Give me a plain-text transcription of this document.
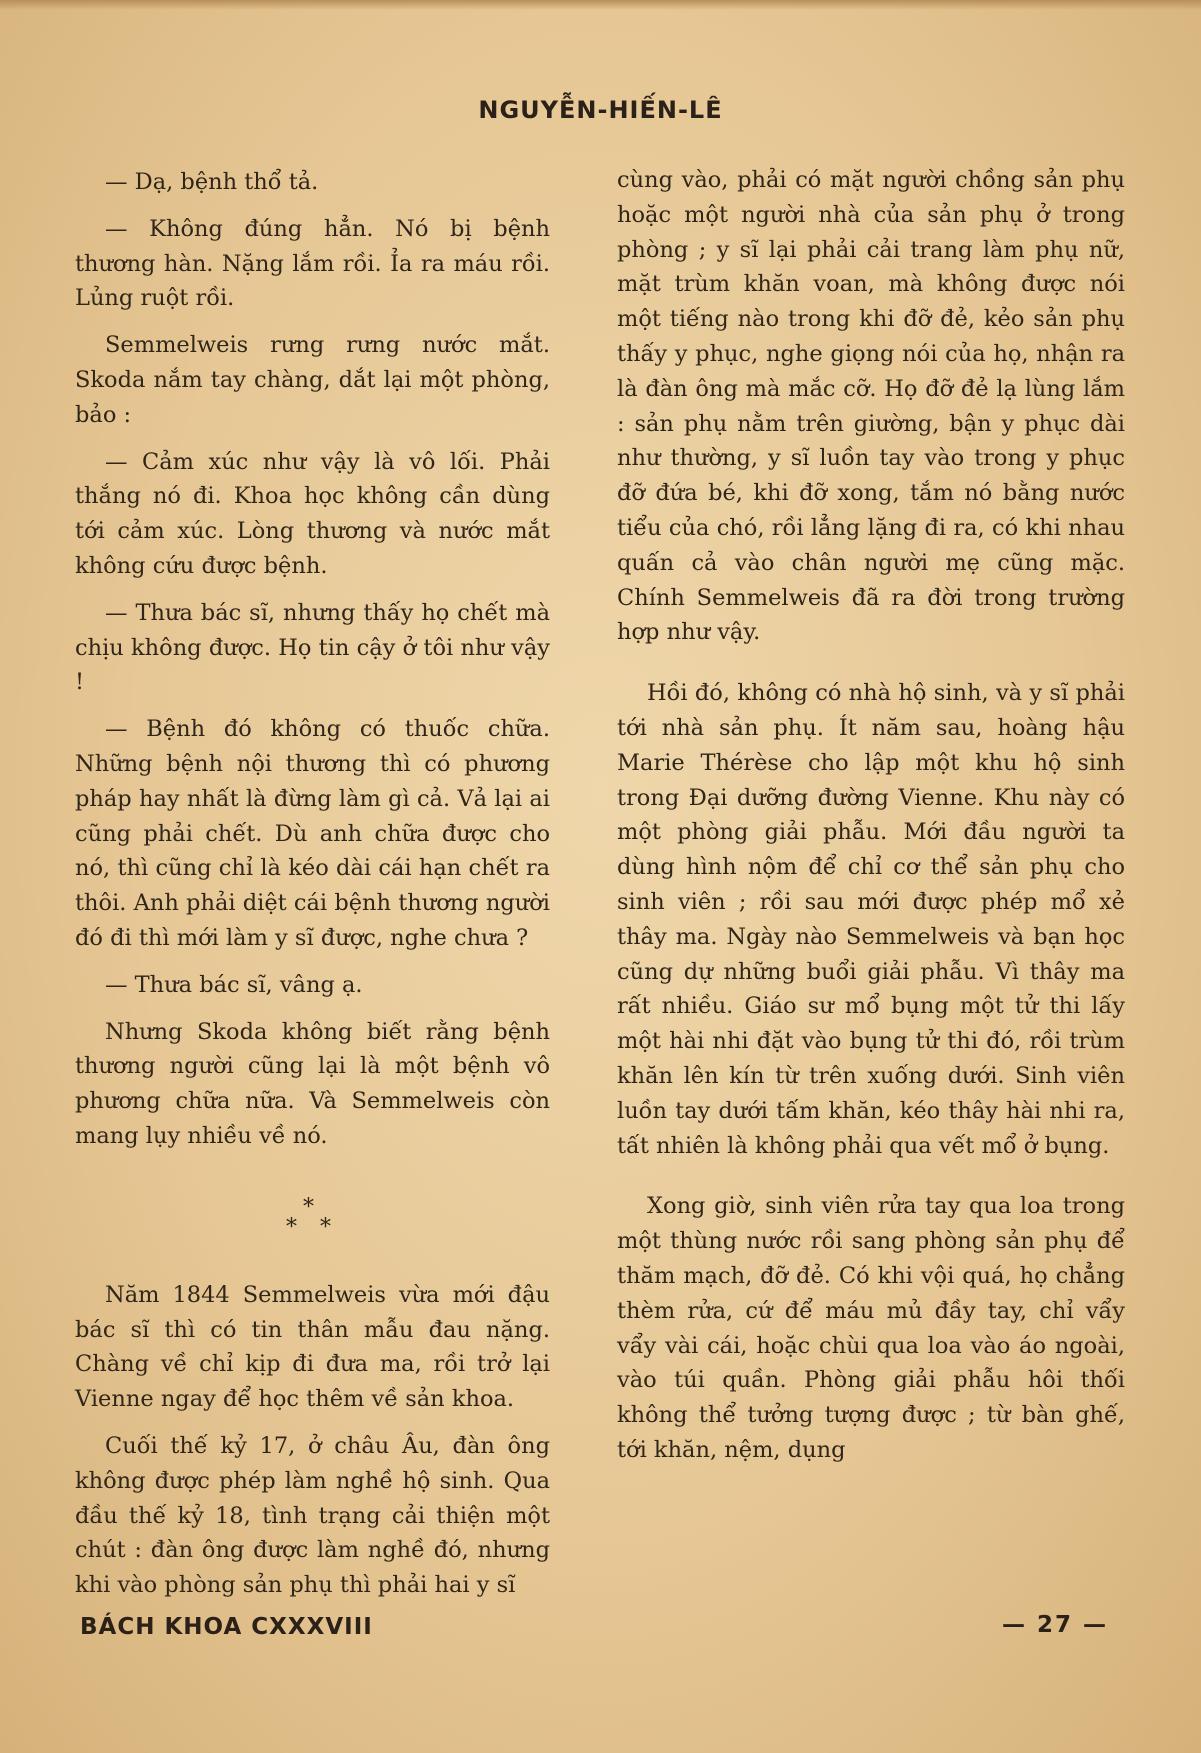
NGUYỄN-HIẾN-LÊ

— Dạ, bệnh thổ tả.

— Không đúng hẳn. Nó bị bệnh thương hàn. Nặng lắm rồi. Ỉa ra máu rồi. Lủng ruột rồi.

Semmelweis rưng rưng nước mắt. Skoda nắm tay chàng, dắt lại một phòng, bảo :

— Cảm xúc như vậy là vô lối. Phải thắng nó đi. Khoa học không cần dùng tới cảm xúc. Lòng thương và nước mắt không cứu được bệnh.

— Thưa bác sĩ, nhưng thấy họ chết mà chịu không được. Họ tin cậy ở tôi như vậy !

— Bệnh đó không có thuốc chữa. Những bệnh nội thương thì có phương pháp hay nhất là đừng làm gì cả. Vả lại ai cũng phải chết. Dù anh chữa được cho nó, thì cũng chỉ là kéo dài cái hạn chết ra thôi. Anh phải diệt cái bệnh thương người đó đi thì mới làm y sĩ được, nghe chưa ?

— Thưa bác sĩ, vâng ạ.

Nhưng Skoda không biết rằng bệnh thương người cũng lại là một bệnh vô phương chữa nữa. Và Semmelweis còn mang lụy nhiều về nó.

*
* *

Năm 1844 Semmelweis vừa mới đậu bác sĩ thì có tin thân mẫu đau nặng. Chàng về chỉ kịp đi đưa ma, rồi trở lại Vienne ngay để học thêm về sản khoa.

Cuối thế kỷ 17, ở châu Âu, đàn ông không được phép làm nghề hộ sinh. Qua đầu thế kỷ 18, tình trạng cải thiện một chút : đàn ông được làm nghề đó, nhưng khi vào phòng sản phụ thì phải hai y sĩ

cùng vào, phải có mặt người chồng sản phụ hoặc một người nhà của sản phụ ở trong phòng ; y sĩ lại phải cải trang làm phụ nữ, mặt trùm khăn voan, mà không được nói một tiếng nào trong khi đỡ đẻ, kẻo sản phụ thấy y phục, nghe giọng nói của họ, nhận ra là đàn ông mà mắc cỡ. Họ đỡ đẻ lạ lùng lắm : sản phụ nằm trên giường, bận y phục dài như thường, y sĩ luồn tay vào trong y phục đỡ đứa bé, khi đỡ xong, tắm nó bằng nước tiểu của chó, rồi lẳng lặng đi ra, có khi nhau quấn cả vào chân người mẹ cũng mặc. Chính Semmelweis đã ra đời trong trường hợp như vậy.

Hồi đó, không có nhà hộ sinh, và y sĩ phải tới nhà sản phụ. Ít năm sau, hoàng hậu Marie Thérèse cho lập một khu hộ sinh trong Đại dưỡng đường Vienne. Khu này có một phòng giải phẫu. Mới đầu người ta dùng hình nộm để chỉ cơ thể sản phụ cho sinh viên ; rồi sau mới được phép mổ xẻ thây ma. Ngày nào Semmelweis và bạn học cũng dự những buổi giải phẫu. Vì thây ma rất nhiều. Giáo sư mổ bụng một tử thi lấy một hài nhi đặt vào bụng tử thi đó, rồi trùm khăn lên kín từ trên xuống dưới. Sinh viên luồn tay dưới tấm khăn, kéo thây hài nhi ra, tất nhiên là không phải qua vết mổ ở bụng.

Xong giờ, sinh viên rửa tay qua loa trong một thùng nước rồi sang phòng sản phụ để thăm mạch, đỡ đẻ. Có khi vội quá, họ chẳng thèm rửa, cứ để máu mủ đầy tay, chỉ vẩy vẩy vài cái, hoặc chùi qua loa vào áo ngoài, vào túi quần. Phòng giải phẫu hôi thối không thể tưởng tượng được ; từ bàn ghế, tới khăn, nệm, dụng

BÁCH KHOA CXXXVIII	— 27 —
